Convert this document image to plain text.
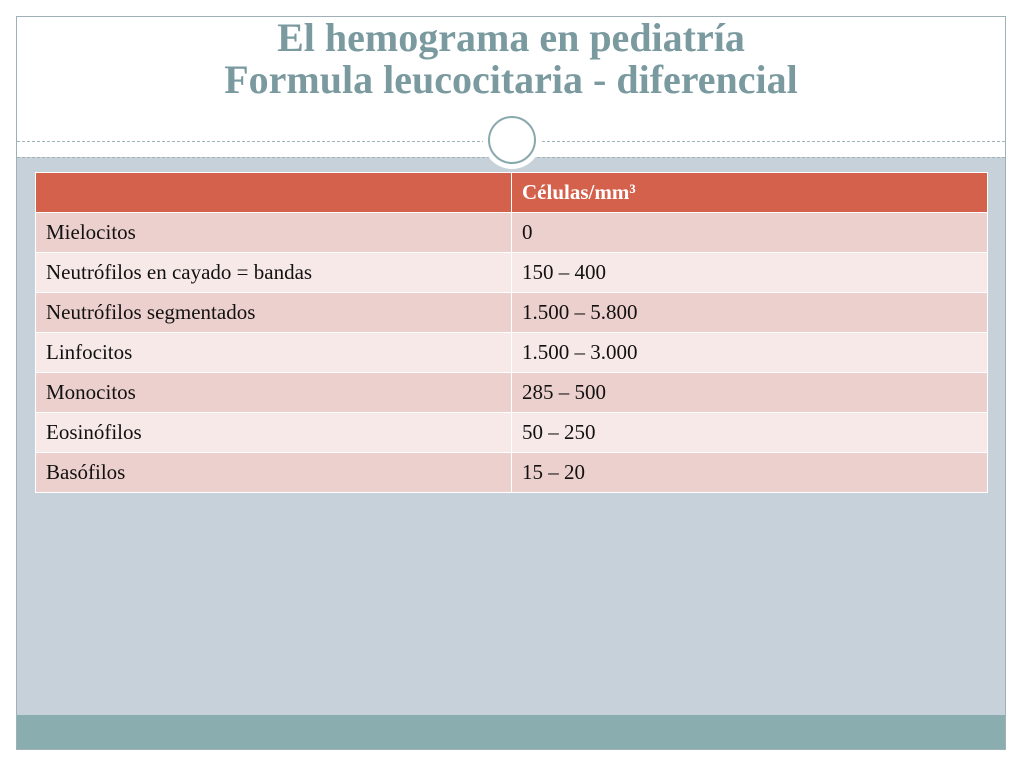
El hemograma en pediatría
Formula leucocitaria - diferencial
	Células/mm³
Mielocitos	0
Neutrófilos en cayado = bandas	150 – 400
Neutrófilos segmentados	1.500 – 5.800
Linfocitos	1.500 – 3.000
Monocitos	285 – 500
Eosinófilos	50 – 250
Basófilos	15 – 20
